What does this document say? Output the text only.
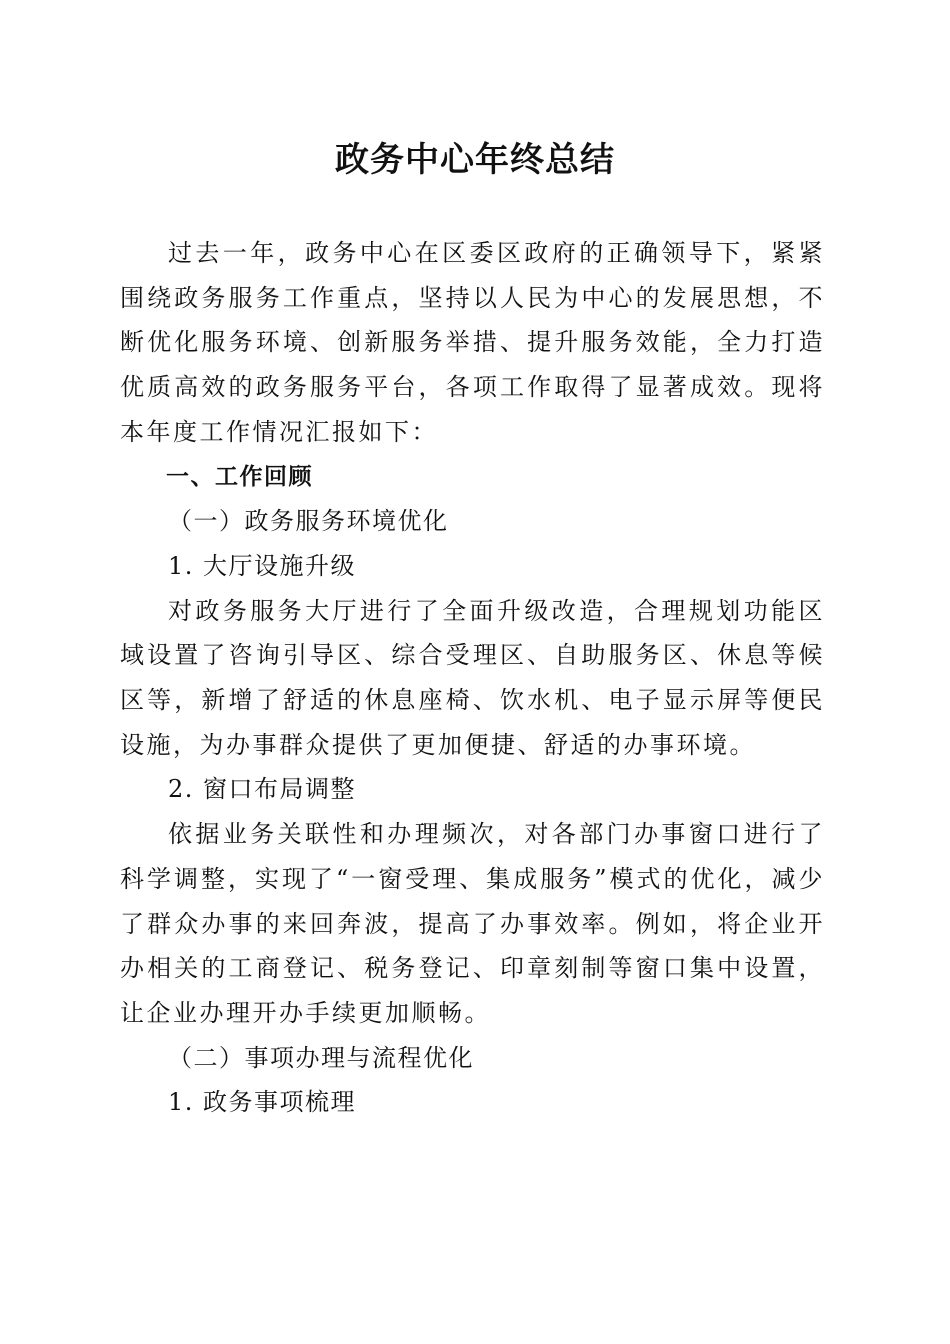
政务中心年终总结

过去一年，政务中心在区委区政府的正确领导下，紧紧围绕政务服务工作重点，坚持以人民为中心的发展思想，不断优化服务环境、创新服务举措、提升服务效能，全力打造优质高效的政务服务平台，各项工作取得了显著成效。现将本年度工作情况汇报如下：

一、工作回顾

（一）政务服务环境优化

1. 大厅设施升级

对政务服务大厅进行了全面升级改造，合理规划功能区域设置了咨询引导区、综合受理区、自助服务区、休息等候区等，新增了舒适的休息座椅、饮水机、电子显示屏等便民设施，为办事群众提供了更加便捷、舒适的办事环境。

2. 窗口布局调整

依据业务关联性和办理频次，对各部门办事窗口进行了科学调整，实现了“一窗受理、集成服务”模式的优化，减少了群众办事的来回奔波，提高了办事效率。例如，将企业开办相关的工商登记、税务登记、印章刻制等窗口集中设置，让企业办理开办手续更加顺畅。

（二）事项办理与流程优化

1. 政务事项梳理
